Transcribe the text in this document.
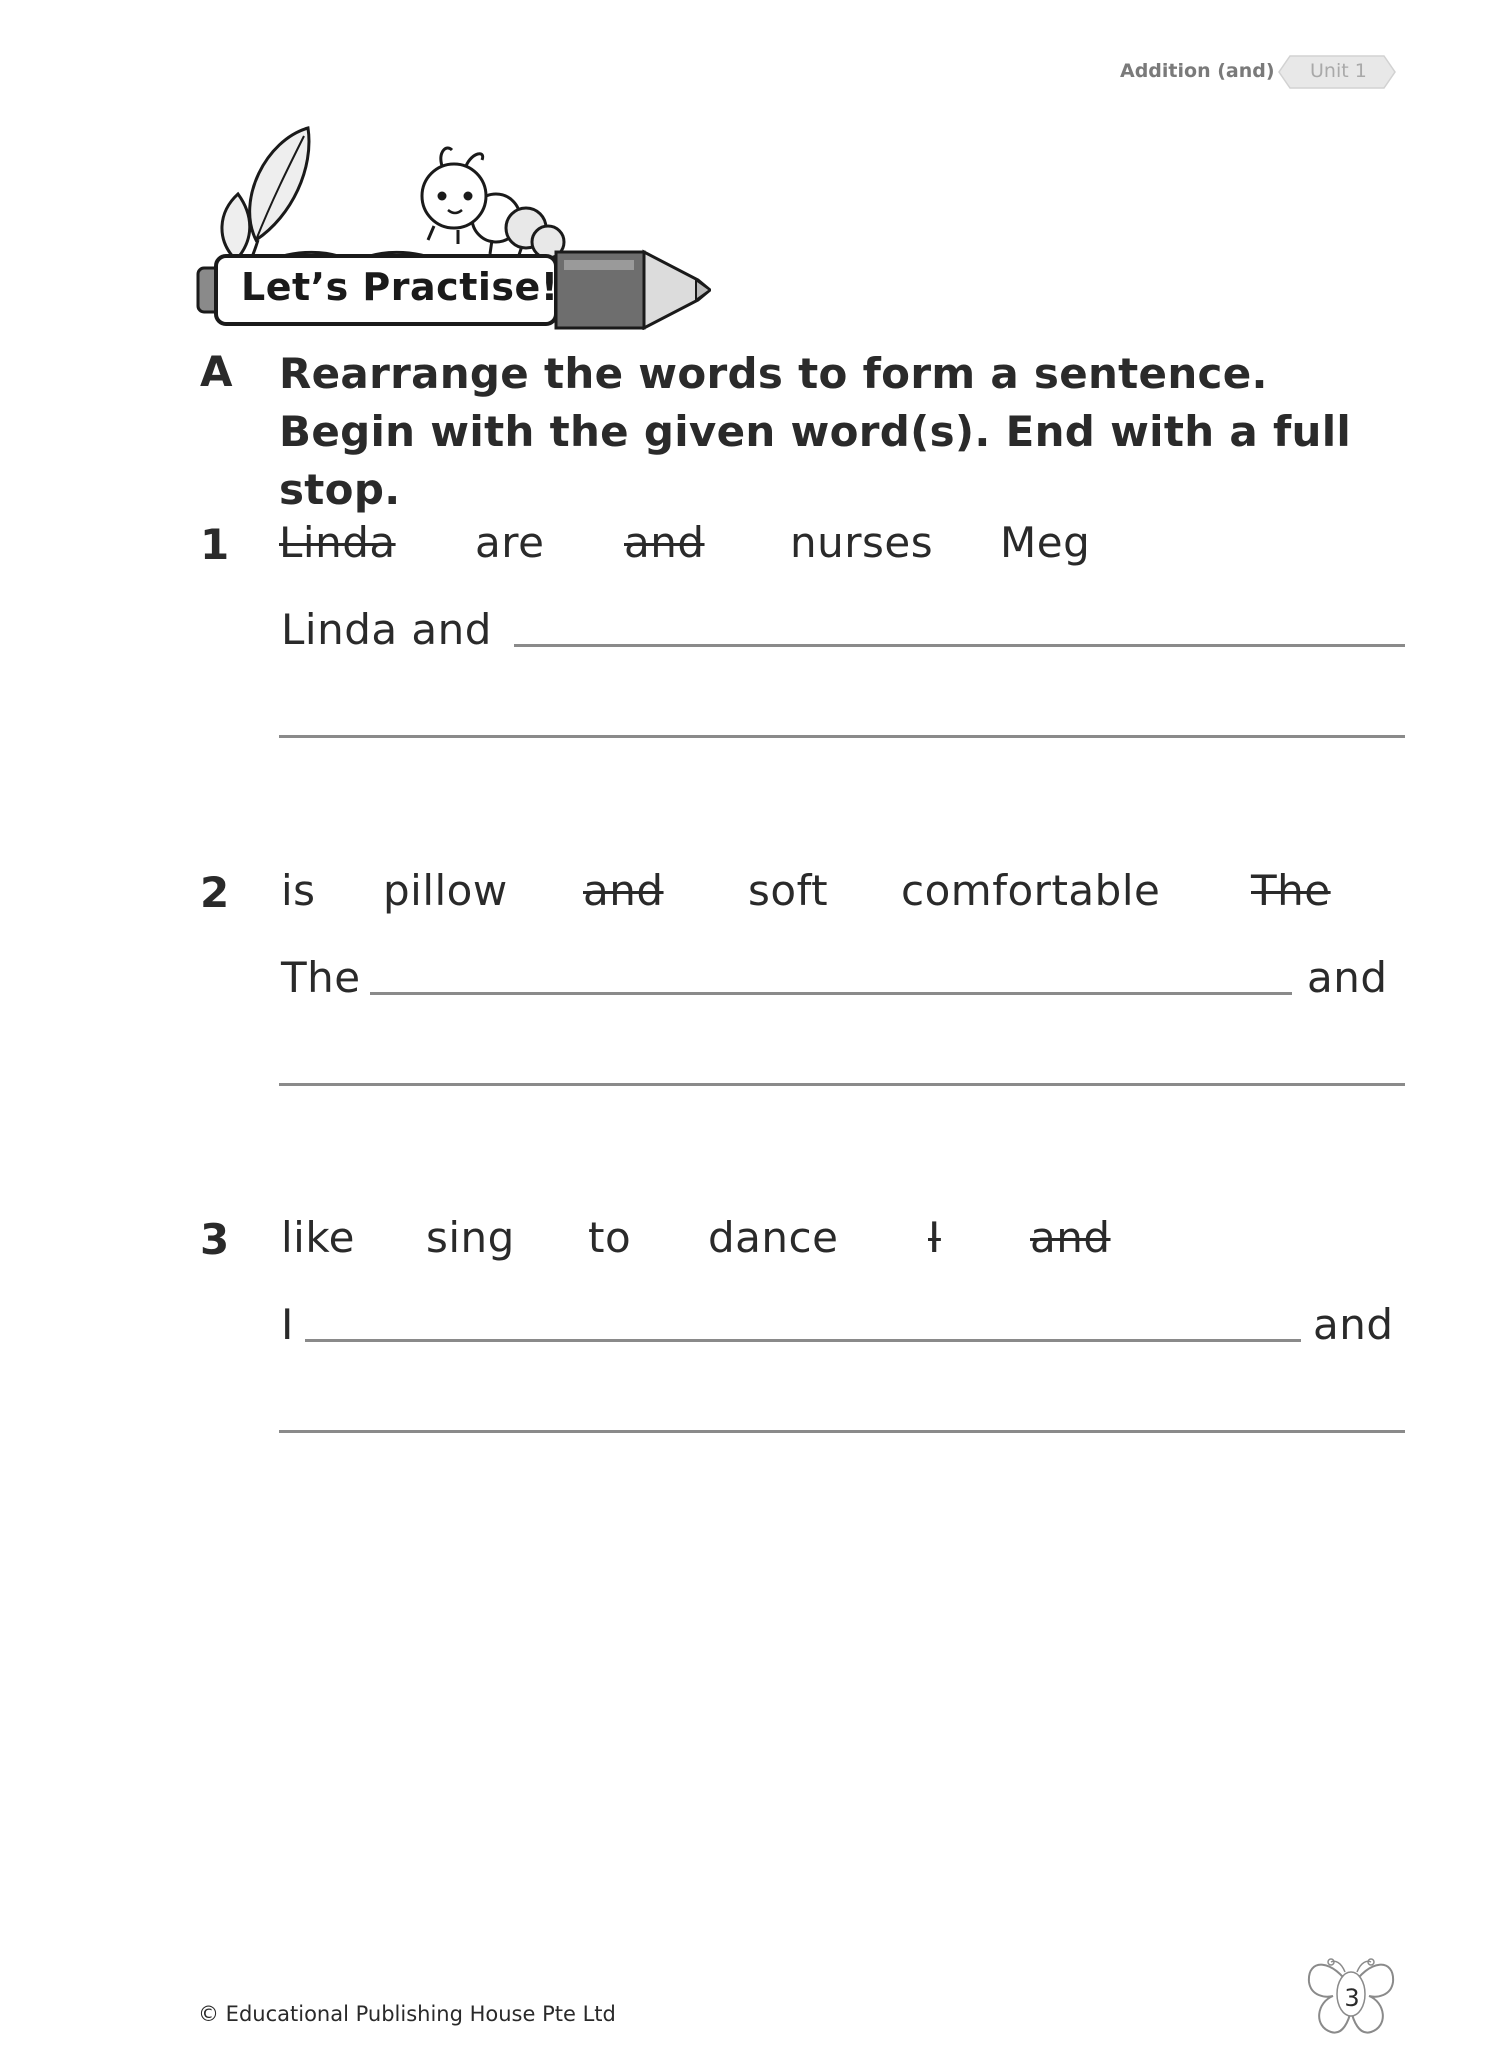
Addition (and) Unit 1
Let’s Practise!
A Rearrange the words to form a sentence. Begin with the given word(s). End with a full stop.
1 Linda are and nurses Meg
Linda and
2 is pillow and soft comfortable The
The	and
3 like sing to dance I and
I	and
© Educational Publishing House Pte Ltd
3
